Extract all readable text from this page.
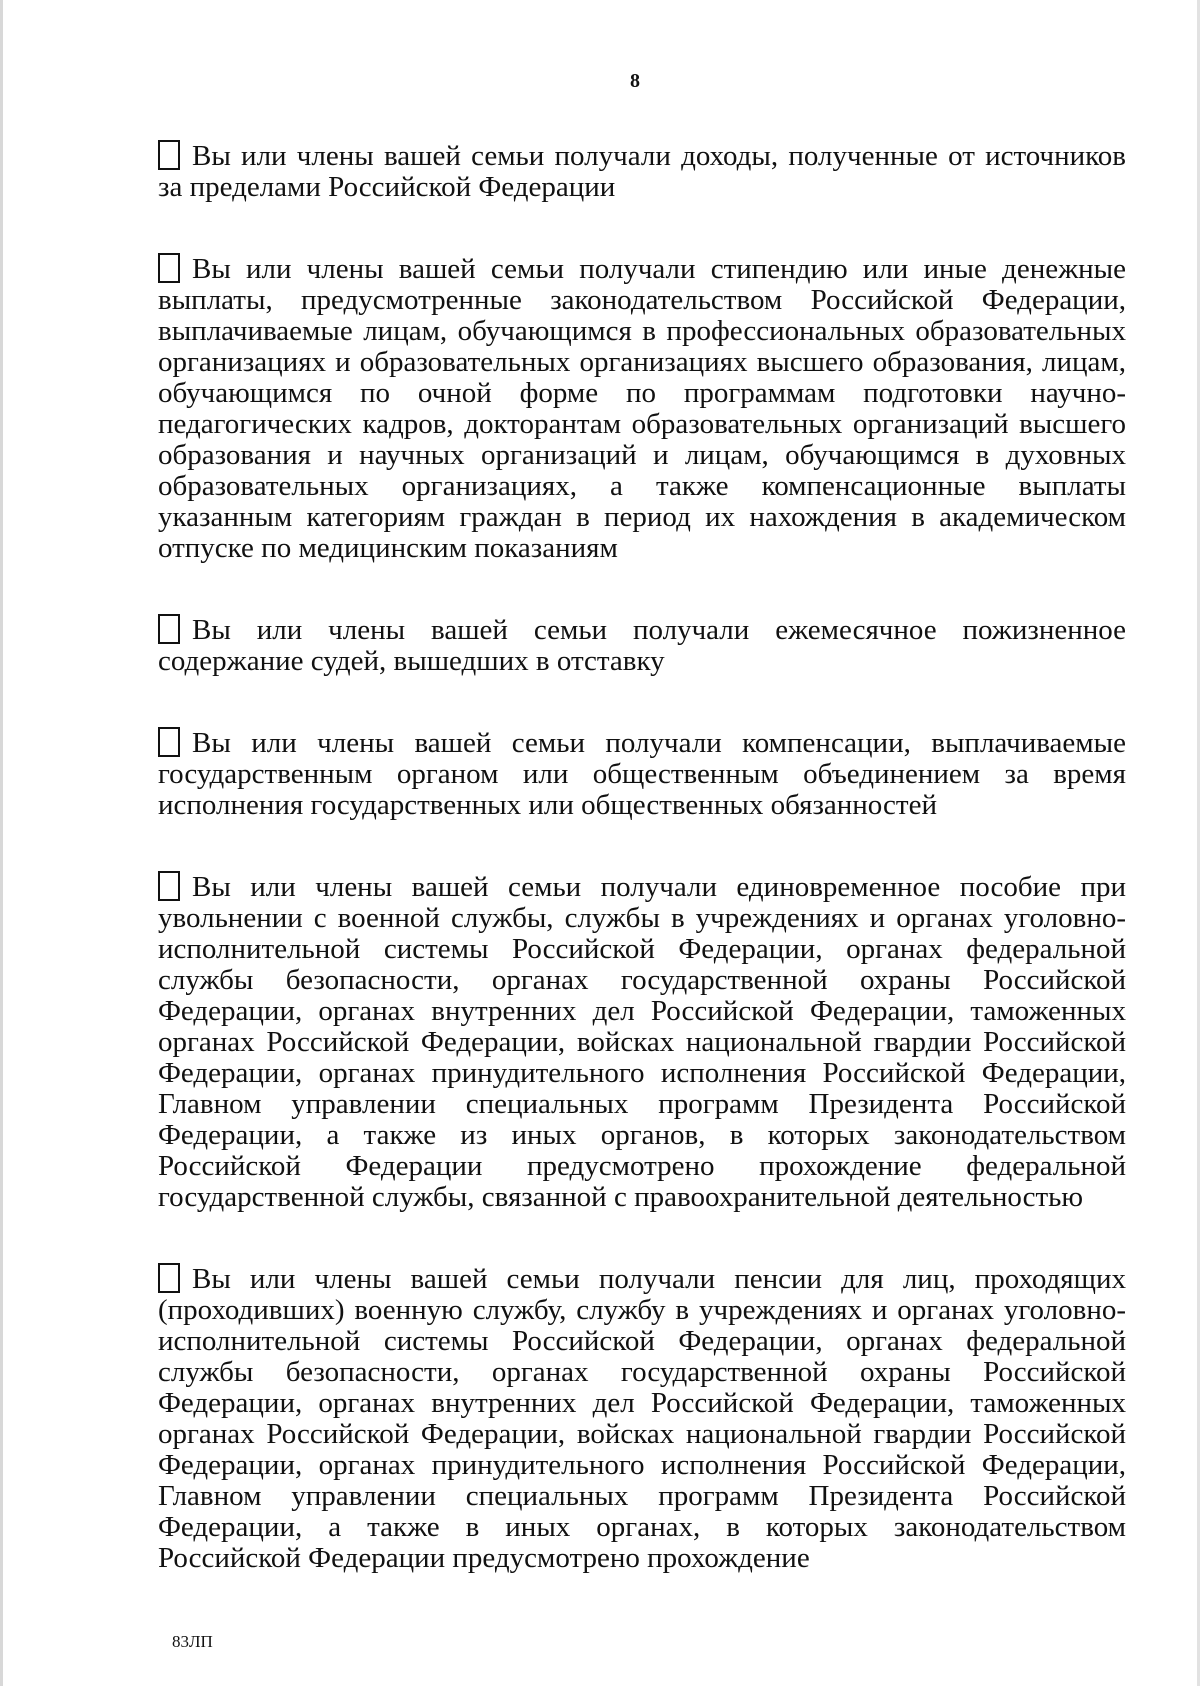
8

Вы или члены вашей семьи получали доходы, полученные от источников за пределами Российской Федерации

Вы или члены вашей семьи получали стипендию или иные денежные выплаты, предусмотренные законодательством Российской Федерации, выплачиваемые лицам, обучающимся в профессиональных образовательных организациях и образовательных организациях высшего образования, лицам, обучающимся по очной форме по программам подготовки научно-педагогических кадров, докторантам образовательных организаций высшего образования и научных организаций и лицам, обучающимся в духовных образовательных организациях, а также компенсационные выплаты указанным категориям граждан в период их нахождения в академическом отпуске по медицинским показаниям

Вы или члены вашей семьи получали ежемесячное пожизненное содержание судей, вышедших в отставку

Вы или члены вашей семьи получали компенсации, выплачиваемые государственным органом или общественным объединением за время исполнения государственных или общественных обязанностей

Вы или члены вашей семьи получали единовременное пособие при увольнении с военной службы, службы в учреждениях и органах уголовно-исполнительной системы Российской Федерации, органах федеральной службы безопасности, органах государственной охраны Российской Федерации, органах внутренних дел Российской Федерации, таможенных органах Российской Федерации, войсках национальной гвардии Российской Федерации, органах принудительного исполнения Российской Федерации, Главном управлении специальных программ Президента Российской Федерации, а также из иных органов, в которых законодательством Российской Федерации предусмотрено прохождение федеральной государственной службы, связанной с правоохранительной деятельностью

Вы или члены вашей семьи получали пенсии для лиц, проходящих (проходивших) военную службу, службу в учреждениях и органах уголовно-исполнительной системы Российской Федерации, органах федеральной службы безопасности, органах государственной охраны Российской Федерации, органах внутренних дел Российской Федерации, таможенных органах Российской Федерации, войсках национальной гвардии Российской Федерации, органах принудительного исполнения Российской Федерации, Главном управлении специальных программ Президента Российской Федерации, а также в иных органах, в которых законодательством Российской Федерации предусмотрено прохождение

83ЛП
